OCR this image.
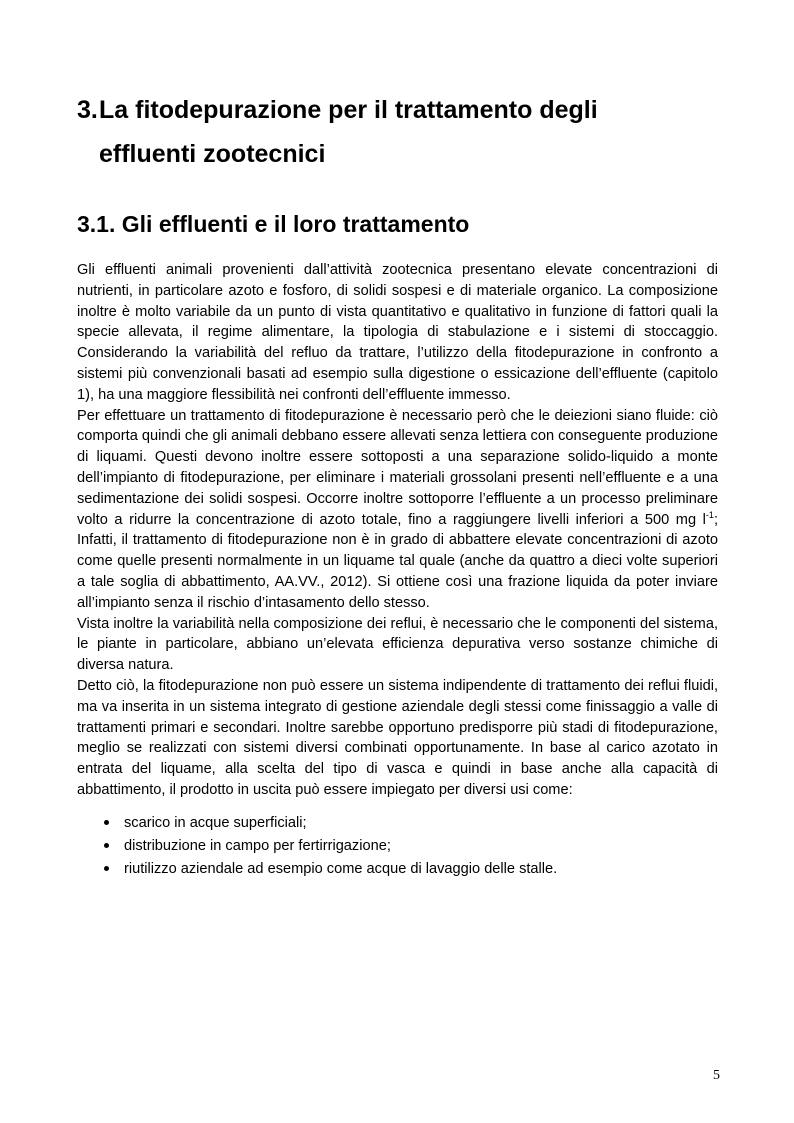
3.La fitodepurazione per il trattamento degli
effluenti zootecnici
3.1. Gli effluenti e il loro trattamento

Gli effluenti animali provenienti dall’attività zootecnica presentano elevate concentrazioni di nutrienti, in particolare azoto e fosforo, di solidi sospesi e di materiale organico. La composizione inoltre è molto variabile da un punto di vista quantitativo e qualitativo in funzione di fattori quali la specie allevata, il regime alimentare, la tipologia di stabulazione e i sistemi di stoccaggio. Considerando la variabilità del refluo da trattare, l’utilizzo della fitodepurazione in confronto a sistemi più convenzionali basati ad esempio sulla digestione o essicazione dell’effluente (capitolo 1), ha una maggiore flessibilità nei confronti dell’effluente immesso.

Per effettuare un trattamento di fitodepurazione è necessario però che le deiezioni siano fluide: ciò comporta quindi che gli animali debbano essere allevati senza lettiera con conseguente produzione di liquami. Questi devono inoltre essere sottoposti a una separazione solido-liquido a monte dell’impianto di fitodepurazione, per eliminare i materiali grossolani presenti nell’effluente e a una sedimentazione dei solidi sospesi. Occorre inoltre sottoporre l’effluente a un processo preliminare volto a ridurre la concentrazione di azoto totale, fino a raggiungere livelli inferiori a 500 mg $l^{-1}$; Infatti, il trattamento di fitodepurazione non è in grado di abbattere elevate concentrazioni di azoto come quelle presenti normalmente in un liquame tal quale (anche da quattro a dieci volte superiori a tale soglia di abbattimento, AA.VV., 2012). Si ottiene così una frazione liquida da poter inviare all’impianto senza il rischio d’intasamento dello stesso.

Vista inoltre la variabilità nella composizione dei reflui, è necessario che le componenti del sistema, le piante in particolare, abbiano un’elevata efficienza depurativa verso sostanze chimiche di diversa natura.

Detto ciò, la fitodepurazione non può essere un sistema indipendente di trattamento dei reflui fluidi, ma va inserita in un sistema integrato di gestione aziendale degli stessi come finissaggio a valle di trattamenti primari e secondari. Inoltre sarebbe opportuno predisporre più stadi di fitodepurazione, meglio se realizzati con sistemi diversi combinati opportunamente. In base al carico azotato in entrata del liquame, alla scelta del tipo di vasca e quindi in base anche alla capacità di abbattimento, il prodotto in uscita può essere impiegato per diversi usi come:

scarico in acque superficiali;
distribuzione in campo per fertirrigazione;
riutilizzo aziendale ad esempio come acque di lavaggio delle stalle.
5
